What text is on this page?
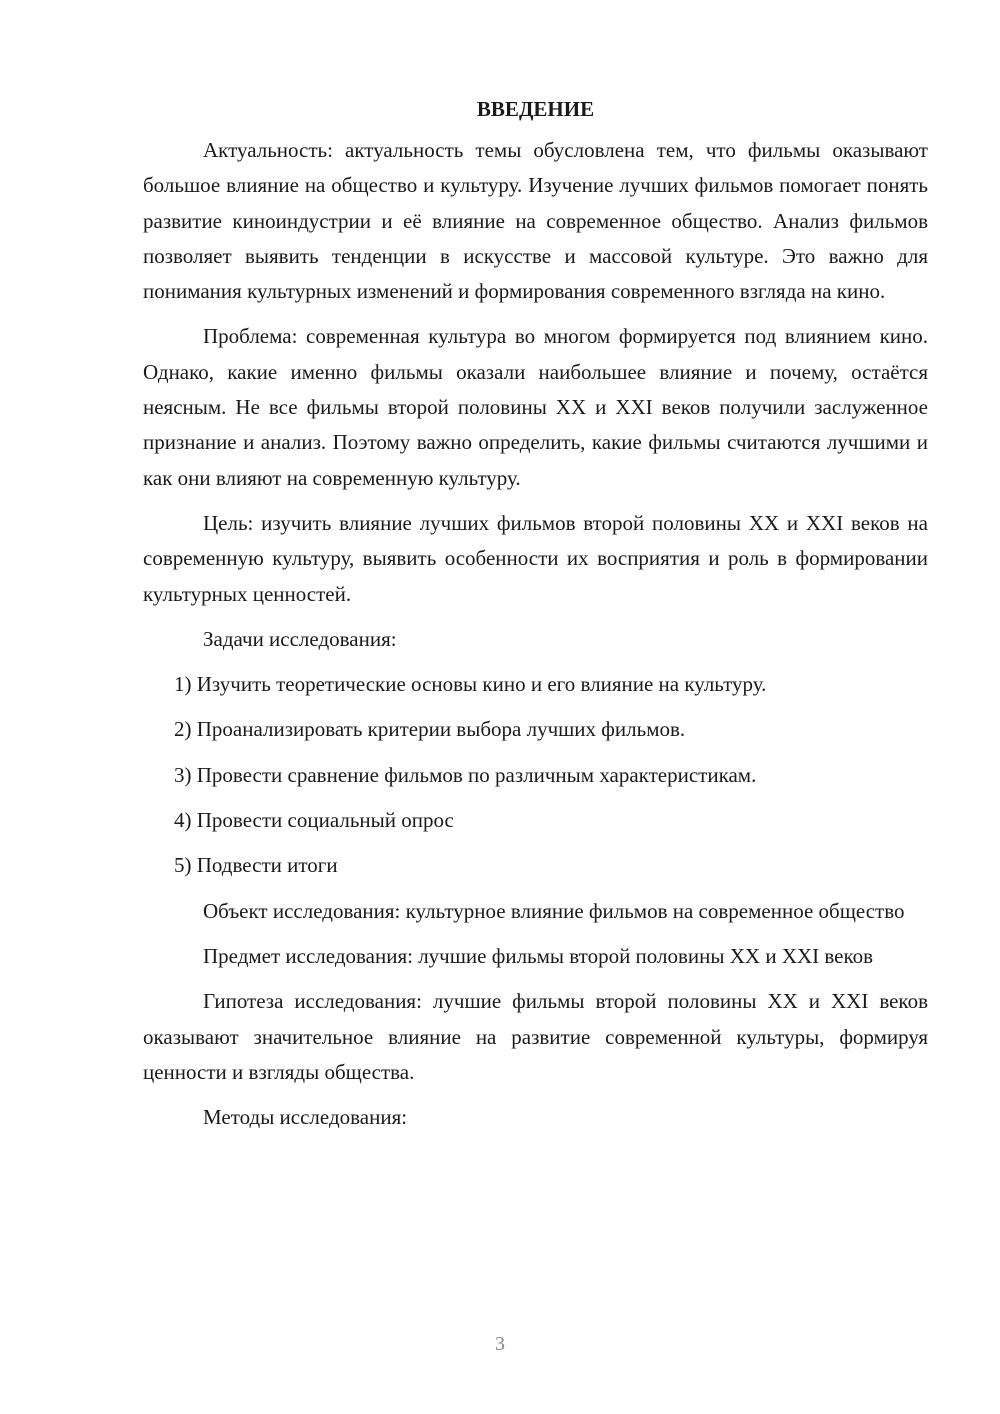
ВВЕДЕНИЕ

Актуальность: актуальность темы обусловлена тем, что фильмы оказывают большое влияние на общество и культуру. Изучение лучших фильмов помогает понять развитие киноиндустрии и её влияние на современное общество. Анализ фильмов позволяет выявить тенденции в искусстве и массовой культуре. Это важно для понимания культурных изменений и формирования современного взгляда на кино.

Проблема: современная культура во многом формируется под влиянием кино. Однако, какие именно фильмы оказали наибольшее влияние и почему, остаётся неясным. Не все фильмы второй половины XX и XXI веков получили заслуженное признание и анализ. Поэтому важно определить, какие фильмы считаются лучшими и как они влияют на современную культуру.

Цель: изучить влияние лучших фильмов второй половины XX и XXI веков на современную культуру, выявить особенности их восприятия и роль в формировании культурных ценностей.

Задачи исследования:

1) Изучить теоретические основы кино и его влияние на культуру.
2) Проанализировать критерии выбора лучших фильмов.
3) Провести сравнение фильмов по различным характеристикам.
4) Провести социальный опрос
5) Подвести итоги

Объект исследования: культурное влияние фильмов на современное общество

Предмет исследования: лучшие фильмы второй половины XX и XXI веков

Гипотеза исследования: лучшие фильмы второй половины XX и XXI веков оказывают значительное влияние на развитие современной культуры, формируя ценности и взгляды общества.

Методы исследования:

3
